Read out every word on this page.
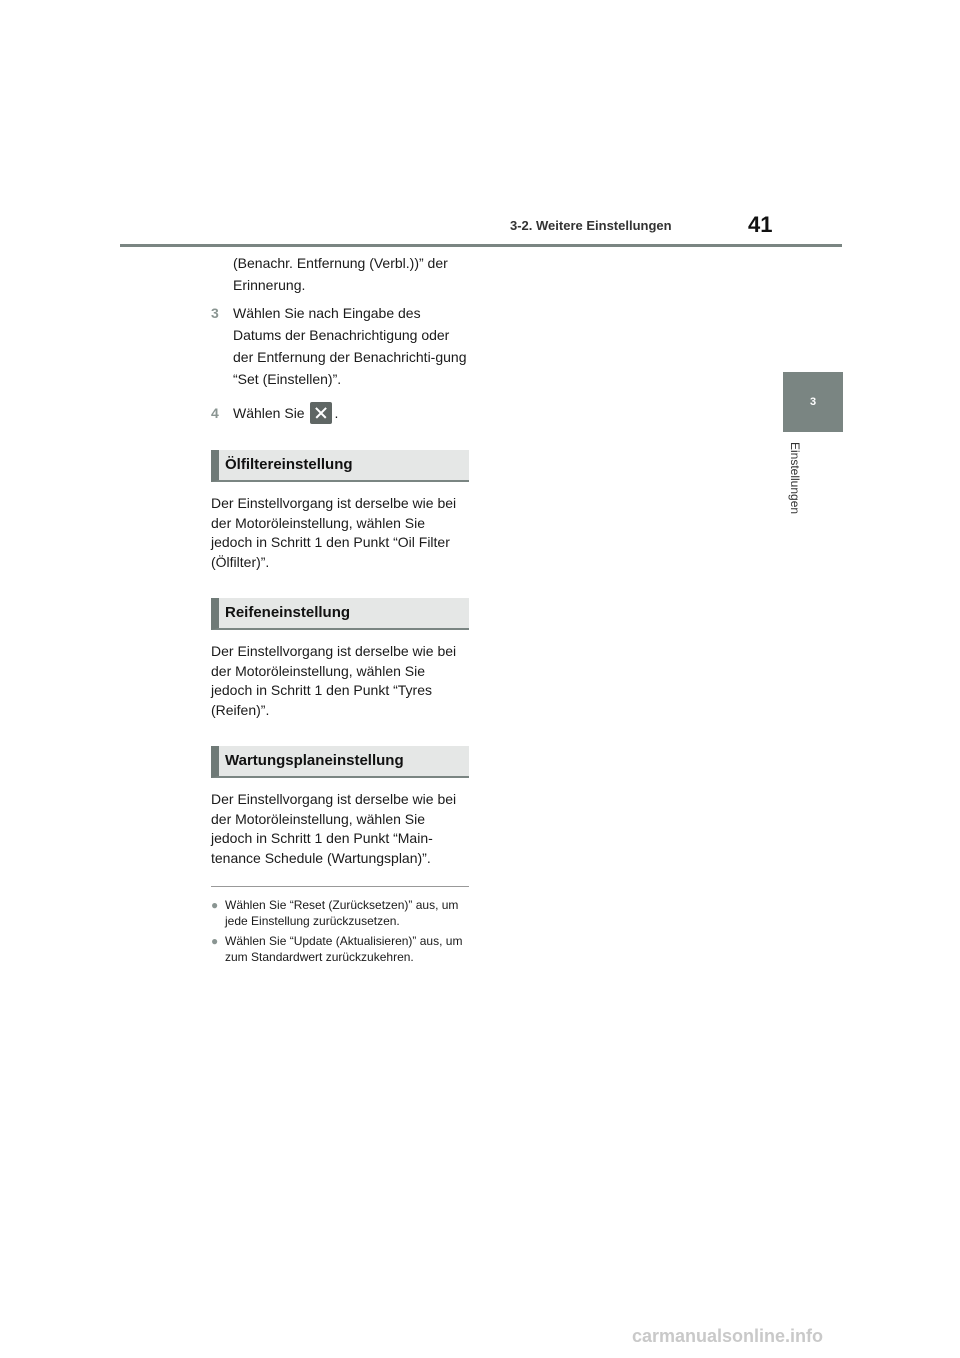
3-2. Weitere Einstellungen	41
3
Einstellungen
(Benachr. Entfernung (Verbl.))” der
Erinnerung.
3	Wählen Sie nach Eingabe des Datums der Benachrichtigung oder der Entfernung der Benachrichti-gung “Set (Einstellen)”.
4	Wählen Sie .
Ölfiltereinstellung
Der Einstellvorgang ist derselbe wie bei der Motoröleinstellung, wählen Sie jedoch in Schritt 1 den Punkt “Oil Filter (Ölfilter)”.
Reifeneinstellung
Der Einstellvorgang ist derselbe wie bei der Motoröleinstellung, wählen Sie jedoch in Schritt 1 den Punkt “Tyres (Reifen)”.
Wartungsplaneinstellung
Der Einstellvorgang ist derselbe wie bei der Motoröleinstellung, wählen Sie jedoch in Schritt 1 den Punkt “Main-tenance Schedule (Wartungsplan)”.
● Wählen Sie “Reset (Zurücksetzen)” aus, um jede Einstellung zurückzusetzen.
● Wählen Sie “Update (Aktualisieren)” aus, um zum Standardwert zurückzukehren.
carmanualsonline.info
